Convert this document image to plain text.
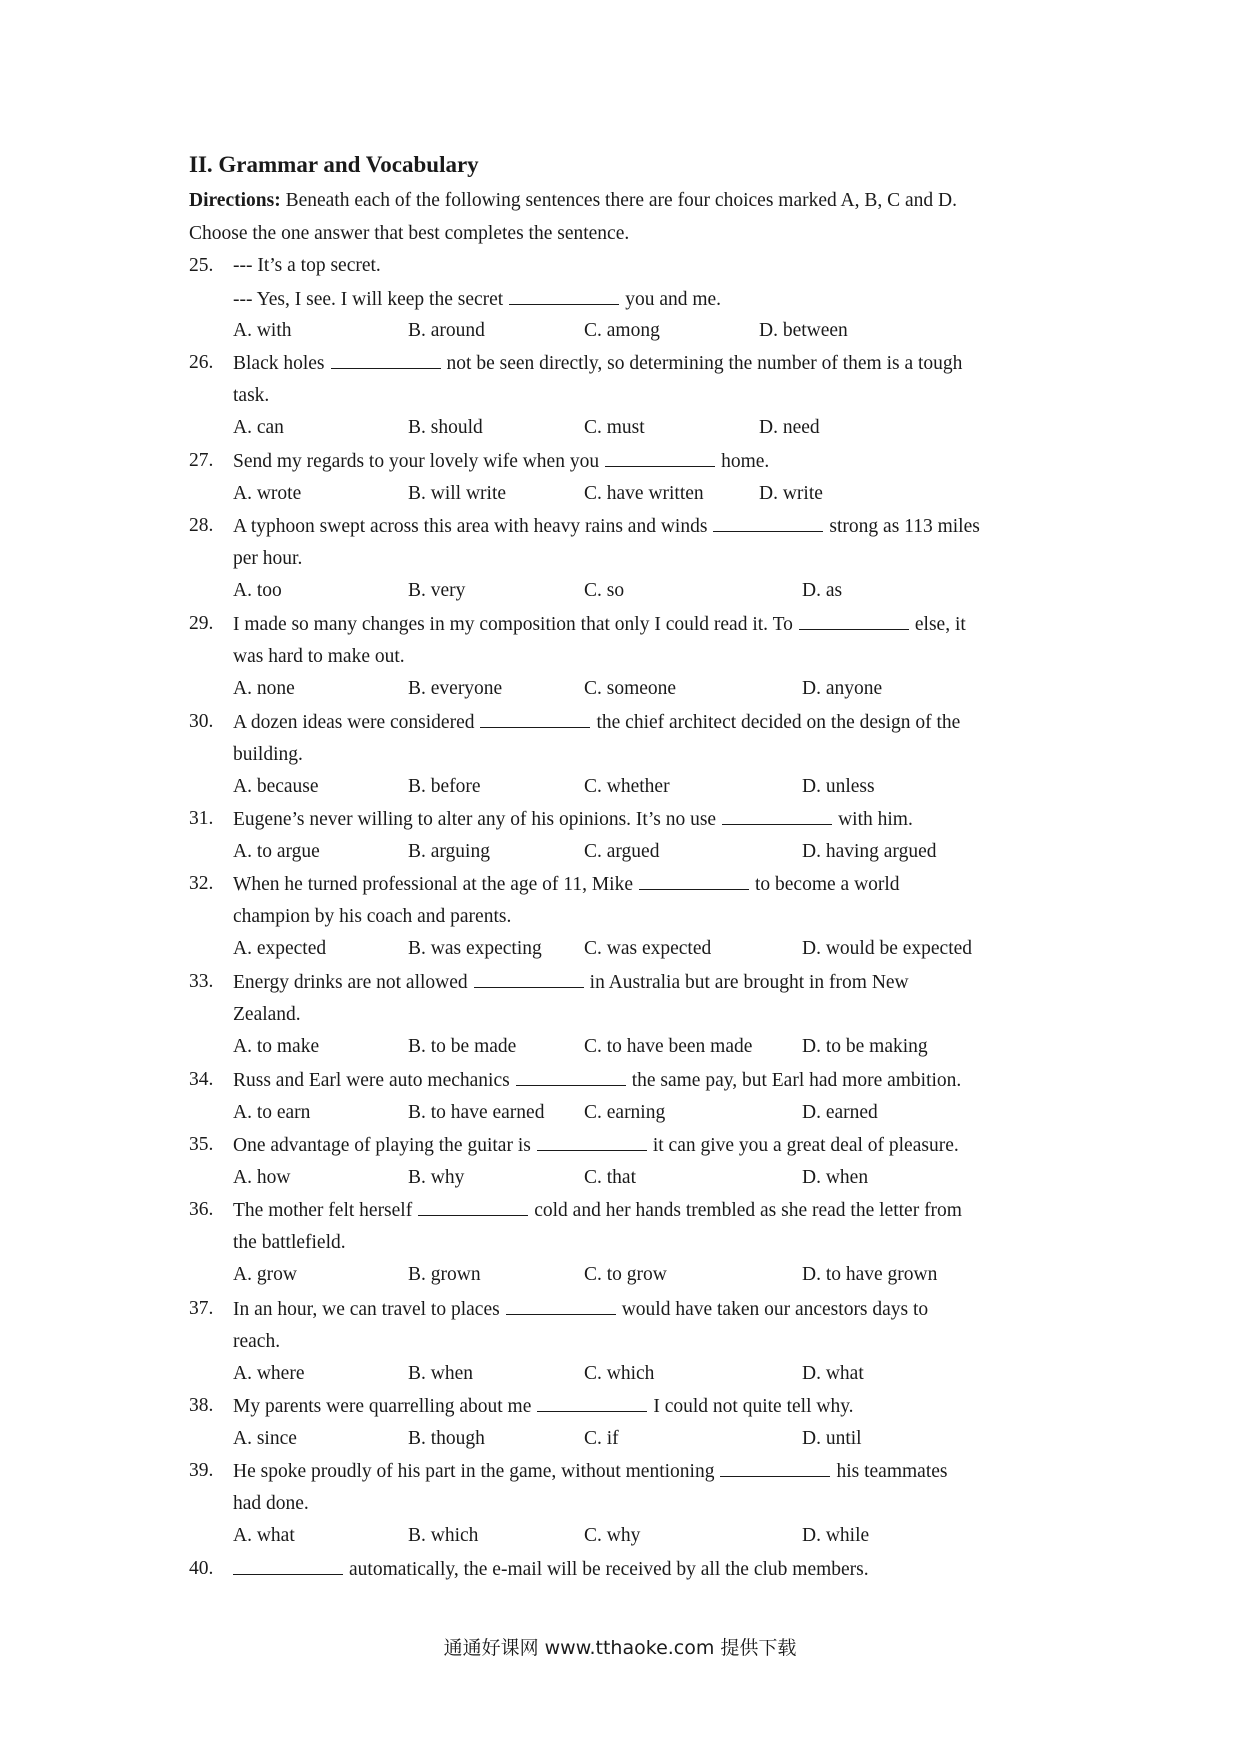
II. Grammar and Vocabulary
Directions: Beneath each of the following sentences there are four choices marked A, B, C and D.
Choose the one answer that best completes the sentence.
25. --- It’s a top secret.
--- Yes, I see. I will keep the secret	you and me.
A. with	B. around	C. among	D. between
26. Black holes	not be seen directly, so determining the number of them is a tough
task.
A. can	B. should	C. must	D. need
27. Send my regards to your lovely wife when you	home.
A. wrote	B. will write	C. have written	D. write
28. A typhoon swept across this area with heavy rains and winds	strong as 113 miles
per hour.
A. too	B. very	C. so	D. as
29. I made so many changes in my composition that only I could read it. To	else, it
was hard to make out.
A. none	B. everyone	C. someone	D. anyone
30. A dozen ideas were considered	the chief architect decided on the design of the
building.
A. because	B. before	C. whether	D. unless
31. Eugene’s never willing to alter any of his opinions. It’s no use	with him.
A. to argue	B. arguing	C. argued	D. having argued
32. When he turned professional at the age of 11, Mike	to become a world
champion by his coach and parents.
A. expected	B. was expecting C. was expected	D. would be expected
33. Energy drinks are not allowed	in Australia but are brought in from New
Zealand.
A. to make	B. to be made	C. to have been made	D. to be making
34. Russ and Earl were auto mechanics	the same pay, but Earl had more ambition.
A. to earn	B. to have earned C. earning	D. earned
35. One advantage of playing the guitar is	it can give you a great deal of pleasure.
A. how	B. why	C. that	D. when
36. The mother felt herself	cold and her hands trembled as she read the letter from
the battlefield.
A. grow	B. grown	C. to grow	D. to have grown
37. In an hour, we can travel to places	would have taken our ancestors days to
reach.
A. where	B. when	C. which	D. what
38. My parents were quarrelling about me	I could not quite tell why.
A. since	B. though	C. if	D. until
39. He spoke proudly of his part in the game, without mentioning	his teammates
had done.
A. what	B. which	C. why	D. while
40.	automatically, the e-mail will be received by all the club members.
通通好课网 www.tthaoke.com 提供下载
